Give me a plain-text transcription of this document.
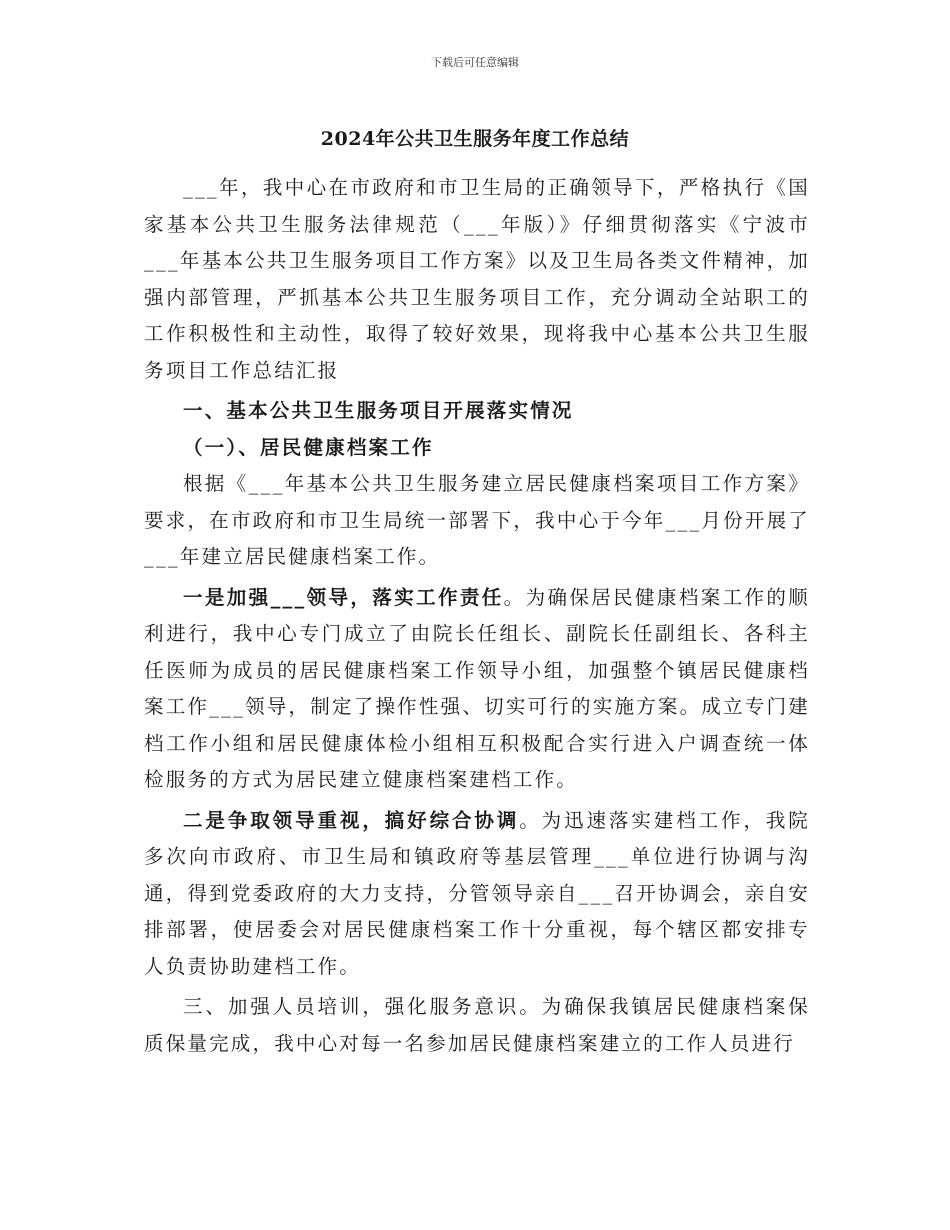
下载后可任意编辑
2024年公共卫生服务年度工作总结

___年，我中心在市政府和市卫生局的正确领导下，严格执行《国家基本公共卫生服务法律规范（___年版）》仔细贯彻落实《宁波市___年基本公共卫生服务项目工作方案》以及卫生局各类文件精神，加强内部管理，严抓基本公共卫生服务项目工作，充分调动全站职工的工作积极性和主动性，取得了较好效果，现将我中心基本公共卫生服务项目工作总结汇报

一、基本公共卫生服务项目开展落实情况

（一）、居民健康档案工作

根据《___年基本公共卫生服务建立居民健康档案项目工作方案》要求，在市政府和市卫生局统一部署下，我中心于今年___月份开展了___年建立居民健康档案工作。

一是加强___领导，落实工作责任。为确保居民健康档案工作的顺利进行，我中心专门成立了由院长任组长、副院长任副组长、各科主任医师为成员的居民健康档案工作领导小组，加强整个镇居民健康档案工作___领导，制定了操作性强、切实可行的实施方案。成立专门建档工作小组和居民健康体检小组相互积极配合实行进入户调查统一体检服务的方式为居民建立健康档案建档工作。

二是争取领导重视，搞好综合协调。为迅速落实建档工作，我院多次向市政府、市卫生局和镇政府等基层管理___单位进行协调与沟通，得到党委政府的大力支持，分管领导亲自___召开协调会，亲自安排部署，使居委会对居民健康档案工作十分重视，每个辖区都安排专人负责协助建档工作。

三、加强人员培训，强化服务意识。为确保我镇居民健康档案保质保量完成，我中心对每一名参加居民健康档案建立的工作人员进行
